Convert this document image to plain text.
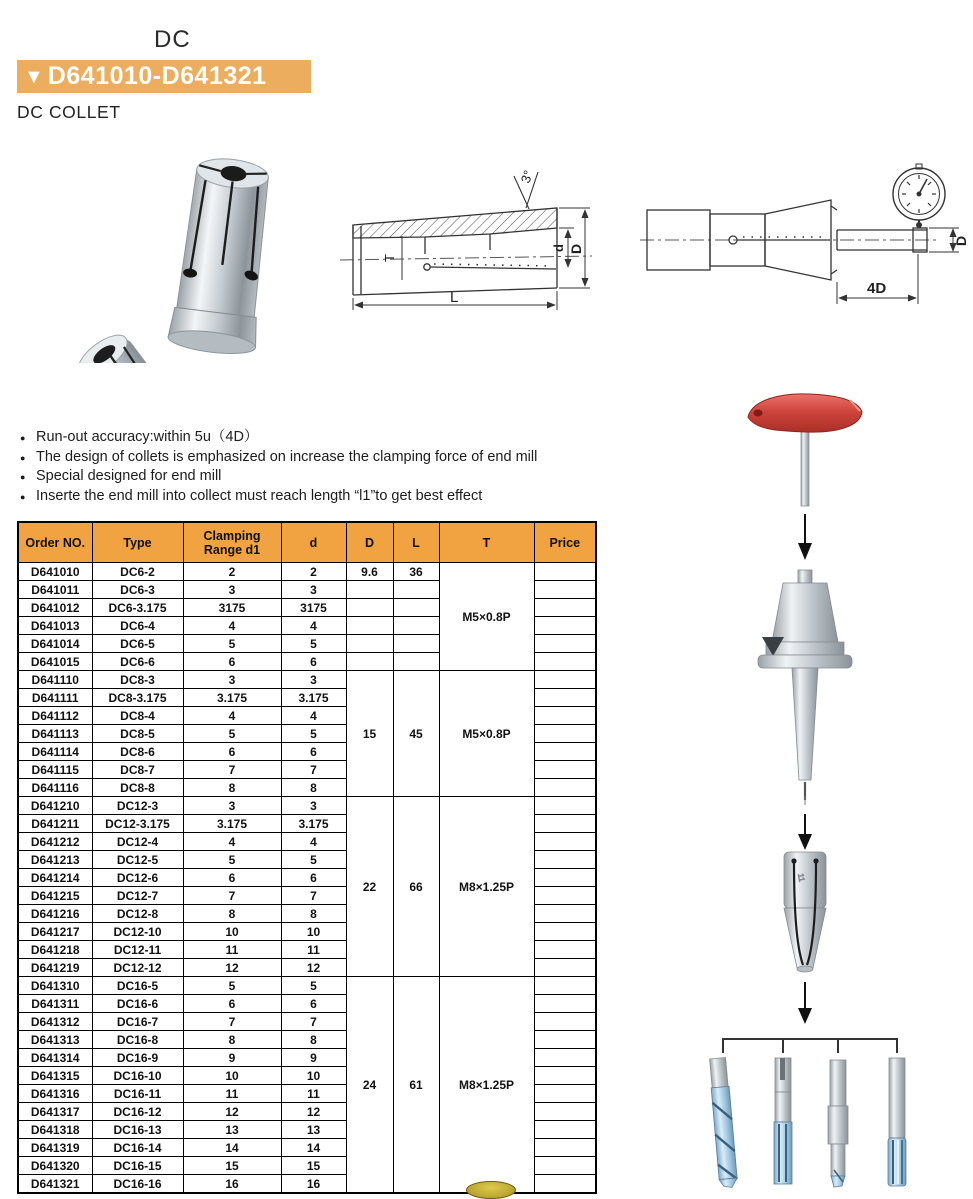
DC
▼ D641010-D641321
DC COLLET
3°
T
d D
L
D
4D
● Run-out accuracy:within 5u（4D）
● The design of collets is emphasized on increase the clamping force of end mill
● Special designed for end mill
● Inserte the end mill into collect must reach length “l1”to get best effect
Order NO.	Type	Clamping Range d1	d	D	L	T	Price
D641010	DC6-2	2	2	9.6	36	M5×0.8P	
D641011	DC6-3	3	3				
D641012	DC6-3.175	3175	3175				
D641013	DC6-4	4	4				
D641014	DC6-5	5	5				
D641015	DC6-6	6	6				
D641110	DC8-3	3	3	15	45	M5×0.8P	
D641111	DC8-3.175	3.175	3.175				
D641112	DC8-4	4	4				
D641113	DC8-5	5	5				
D641114	DC8-6	6	6				
D641115	DC8-7	7	7				
D641116	DC8-8	8	8				
D641210	DC12-3	3	3	22	66	M8×1.25P	
D641211	DC12-3.175	3.175	3.175				
D641212	DC12-4	4	4				
D641213	DC12-5	5	5				
D641214	DC12-6	6	6				
D641215	DC12-7	7	7				
D641216	DC12-8	8	8				
D641217	DC12-10	10	10				
D641218	DC12-11	11	11				
D641219	DC12-12	12	12				
D641310	DC16-5	5	5	24	61	M8×1.25P	
D641311	DC16-6	6	6				
D641312	DC16-7	7	7				
D641313	DC16-8	8	8				
D641314	DC16-9	9	9				
D641315	DC16-10	10	10				
D641316	DC16-11	11	11				
D641317	DC16-12	12	12				
D641318	DC16-13	13	13				
D641319	DC16-14	14	14				
D641320	DC16-15	15	15				
D641321	DC16-16	16	16				
11
